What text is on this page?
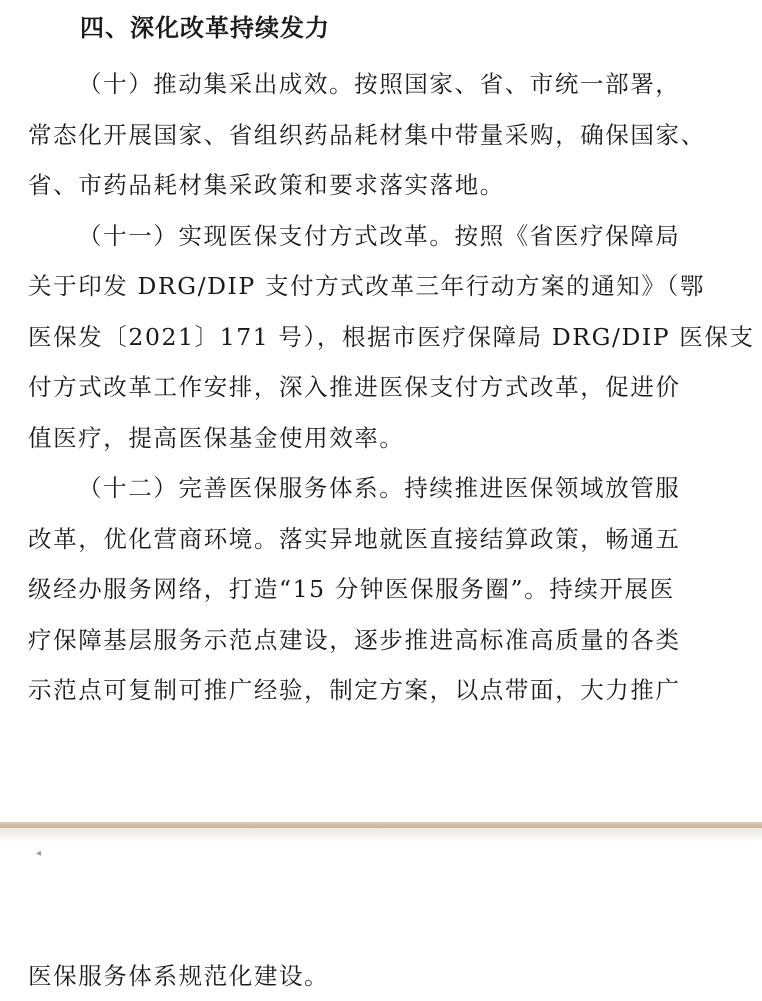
四、深化改革持续发力
（十）推动集采出成效。按照国家、省、市统一部署，
常态化开展国家、省组织药品耗材集中带量采购，确保国家、
省、市药品耗材集采政策和要求落实落地。
（十一）实现医保支付方式改革。按照《省医疗保障局
关于印发 DRG/DIP 支付方式改革三年行动方案的通知》（鄂
医保发〔2021〕171 号），根据市医疗保障局 DRG/DIP 医保支
付方式改革工作安排，深入推进医保支付方式改革，促进价
值医疗，提高医保基金使用效率。
（十二）完善医保服务体系。持续推进医保领域放管服
改革，优化营商环境。落实异地就医直接结算政策，畅通五
级经办服务网络，打造“15 分钟医保服务圈”。持续开展医
疗保障基层服务示范点建设，逐步推进高标准高质量的各类
示范点可复制可推广经验，制定方案，以点带面，大力推广
◂
医保服务体系规范化建设。
